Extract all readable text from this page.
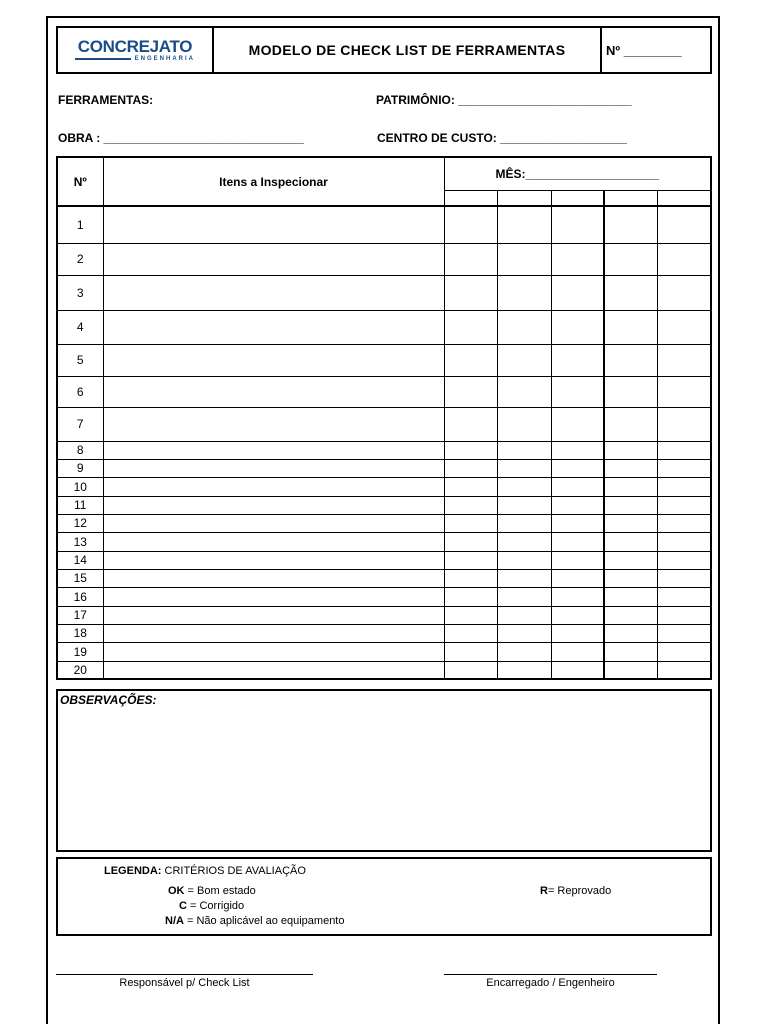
CONCREJATO
ENGENHARIA
MODELO DE CHECK LIST DE FERRAMENTAS	Nº ________
FERRAMENTAS:	PATRIMÔNIO: __________________________
OBRA : ______________________________	CENTRO DE CUSTO: ___________________
Nº	Itens a Inspecionar	MÊS:____________________				

1						
2						
3						
4						
5						
6						
7						
8						
9						
10						
11						
12						
13						
14						
15						
16						
17						
18						
19						
20						
OBSERVAÇÕES:
LEGENDA: CRITÉRIOS DE AVALIAÇÃO
OK = Bom estado
C = Corrigido
N/A = Não aplicável ao equipamento
R= Reprovado
Responsável p/ Check List	Encarregado / Engenheiro
